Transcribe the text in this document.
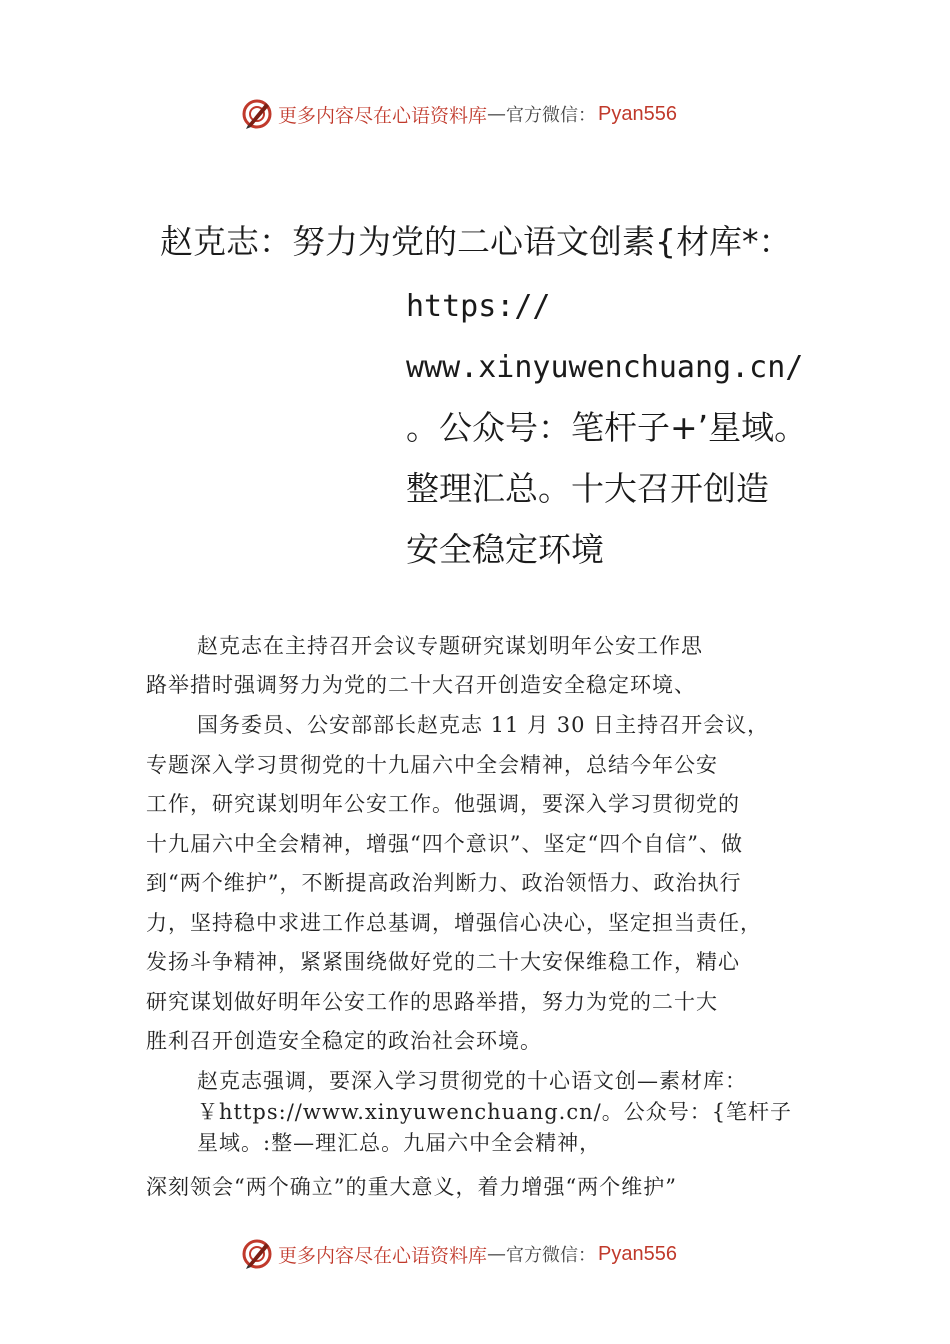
更多内容尽在心语资料库 — 官方微信： Pyan556
赵克志：努力为党的二心语文创素{材库*：
https://
www.xinyuwenchuang.cn/
。公众号：笔杆子+’星域。
整理汇总。十大召开创造
安全稳定环境
赵克志在主持召开会议专题研究谋划明年公安工作思
路举措时强调努力为党的二十大召开创造安全稳定环境、
国务委员、公安部部长赵克志 11 月 30 日主持召开会议，
专题深入学习贯彻党的十九届六中全会精神，总结今年公安
工作，研究谋划明年公安工作。他强调，要深入学习贯彻党的
十九届六中全会精神，增强“四个意识”、坚定“四个自信”、做
到“两个维护”，不断提高政治判断力、政治领悟力、政治执行
力，坚持稳中求进工作总基调，增强信心决心，坚定担当责任，
发扬斗争精神，紧紧围绕做好党的二十大安保维稳工作，精心
研究谋划做好明年公安工作的思路举措，努力为党的二十大
胜利召开创造安全稳定的政治社会环境。
赵克志强调，要深入学习贯彻党的十心语文创—素材库：
￥https://www.xinyuwenchuang.cn/。公众号：{笔杆子
星域。:整—理汇总。九届六中全会精神，
深刻领会“两个确立”的重大意义，着力增强“两个维护”
更多内容尽在心语资料库 — 官方微信： Pyan556
